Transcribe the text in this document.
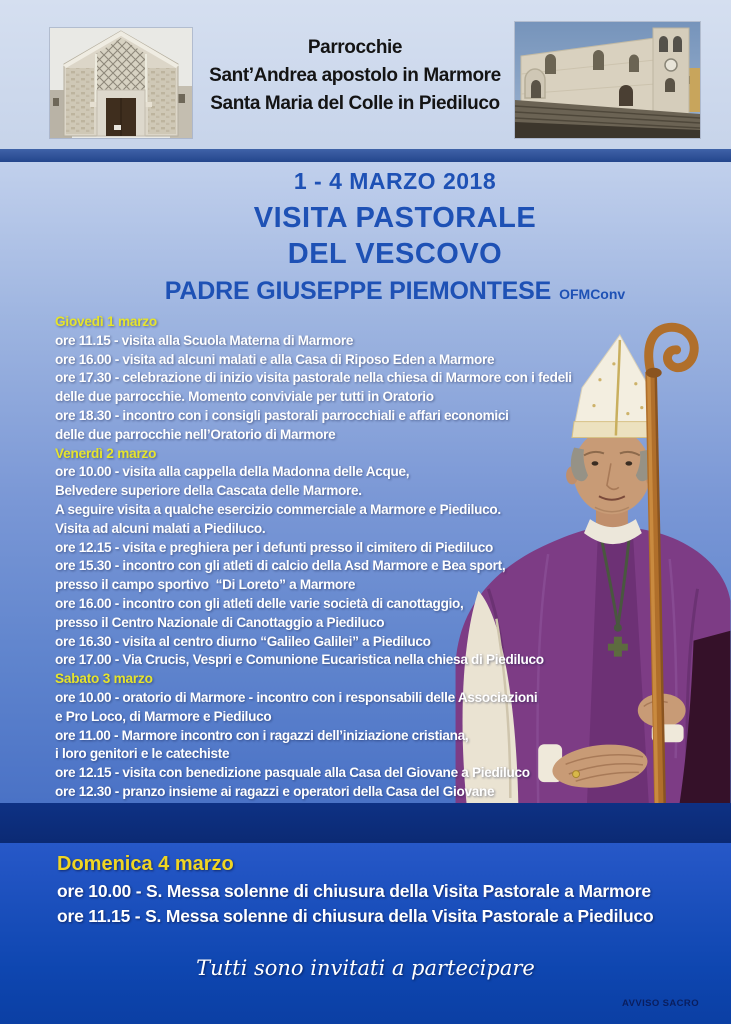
Parrocchie
Sant’Andrea apostolo in Marmore
Santa Maria del Colle in Piediluco
1 - 4 MARZO 2018
VISITA PASTORALE
DEL VESCOVO
PADRE GIUSEPPE PIEMONTESE OFMConv
Giovedì 1 marzo
ore 11.15 - visita alla Scuola Materna di Marmore
ore 16.00 - visita ad alcuni malati e alla Casa di Riposo Eden a Marmore
ore 17.30 - celebrazione di inizio visita pastorale nella chiesa di Marmore con i fedeli
delle due parrocchie. Momento conviviale per tutti in Oratorio
ore 18.30 - incontro con i consigli pastorali parrocchiali e affari economici
delle due parrocchie nell’Oratorio di Marmore
Venerdì 2 marzo
ore 10.00 - visita alla cappella della Madonna delle Acque,
Belvedere superiore della Cascata delle Marmore.
A seguire visita a qualche esercizio commerciale a Marmore e Piediluco.
Visita ad alcuni malati a Piediluco.
ore 12.15 - visita e preghiera per i defunti presso il cimitero di Piediluco
ore 15.30 - incontro con gli atleti di calcio della Asd Marmore e Bea sport,
presso il campo sportivo  “Di Loreto” a Marmore
ore 16.00 - incontro con gli atleti delle varie società di canottaggio,
presso il Centro Nazionale di Canottaggio a Piediluco
ore 16.30 - visita al centro diurno “Galileo Galilei” a Piediluco
ore 17.00 - Via Crucis, Vespri e Comunione Eucaristica nella chiesa di Piediluco
Sabato 3 marzo
ore 10.00 - oratorio di Marmore - incontro con i responsabili delle Associazioni
e Pro Loco, di Marmore e Piediluco
ore 11.00 - Marmore incontro con i ragazzi dell’iniziazione cristiana,
i loro genitori e le catechiste
ore 12.15 - visita con benedizione pasquale alla Casa del Giovane a Piediluco
ore 12.30 - pranzo insieme ai ragazzi e operatori della Casa del Giovane
Domenica 4 marzo
ore 10.00 - S. Messa solenne di chiusura della Visita Pastorale a Marmore
ore 11.15 - S. Messa solenne di chiusura della Visita Pastorale a Piediluco
Tutti sono invitati a partecipare
AVVISO SACRO
